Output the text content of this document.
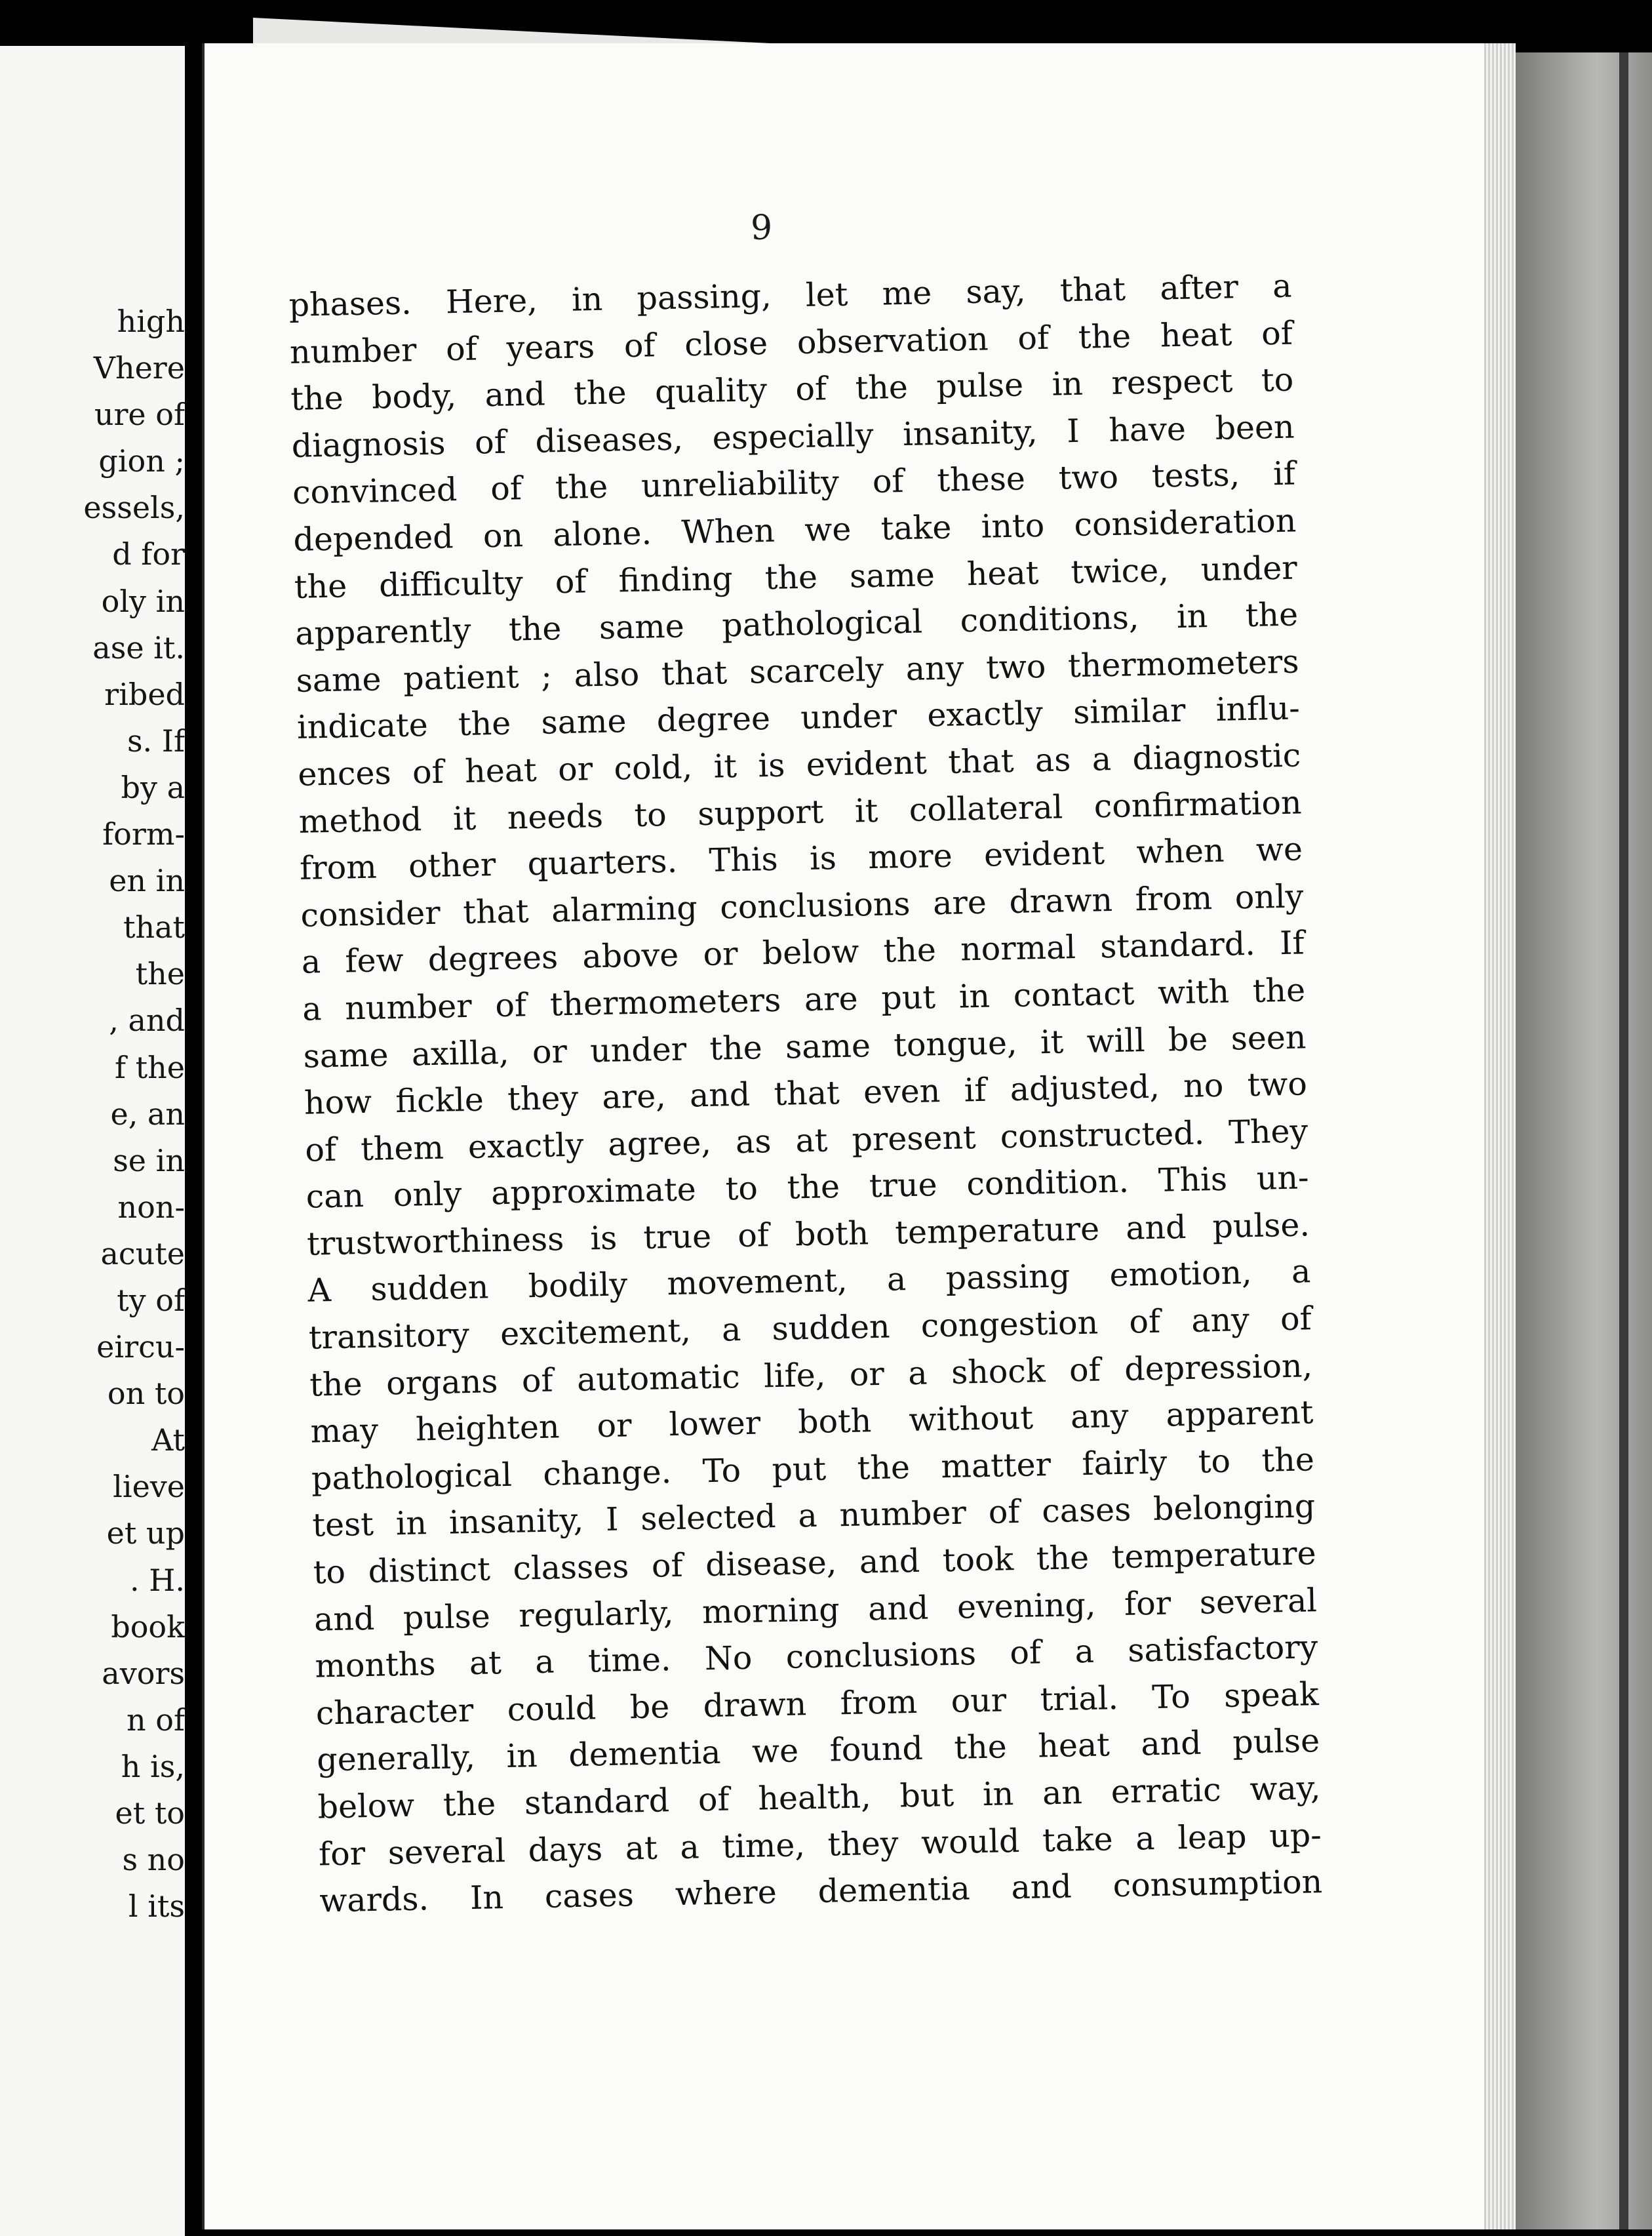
high
Vhere
ure of
gion ;
essels,
d for
oly in
ase it.
ribed
s. If
by a
form-
en in
that
the
, and
f the
e, an
se in
non-
acute
ty of
eircu-
on to
At
lieve
et up
. H.
book
avors
n of
h is,
et to
s no
l its
9
phases. Here, in passing, let me say, that after a
number of years of close observation of the heat of
the body, and the quality of the pulse in respect to
diagnosis of diseases, especially insanity, I have been
convinced of the unreliability of these two tests, if
depended on alone. When we take into consideration
the difficulty of finding the same heat twice, under
apparently the same pathological conditions, in the
same patient ; also that scarcely any two thermometers
indicate the same degree under exactly similar influ-
ences of heat or cold, it is evident that as a diagnostic
method it needs to support it collateral confirmation
from other quarters. This is more evident when we
consider that alarming conclusions are drawn from only
a few degrees above or below the normal standard. If
a number of thermometers are put in contact with the
same axilla, or under the same tongue, it will be seen
how fickle they are, and that even if adjusted, no two
of them exactly agree, as at present constructed. They
can only approximate to the true condition. This un-
trustworthiness is true of both temperature and pulse.
A sudden bodily movement, a passing emotion, a
transitory excitement, a sudden congestion of any of
the organs of automatic life, or a shock of depression,
may heighten or lower both without any apparent
pathological change. To put the matter fairly to the
test in insanity, I selected a number of cases belonging
to distinct classes of disease, and took the temperature
and pulse regularly, morning and evening, for several
months at a time. No conclusions of a satisfactory
character could be drawn from our trial. To speak
generally, in dementia we found the heat and pulse
below the standard of health, but in an erratic way,
for several days at a time, they would take a leap up-
wards. In cases where dementia and consumption
